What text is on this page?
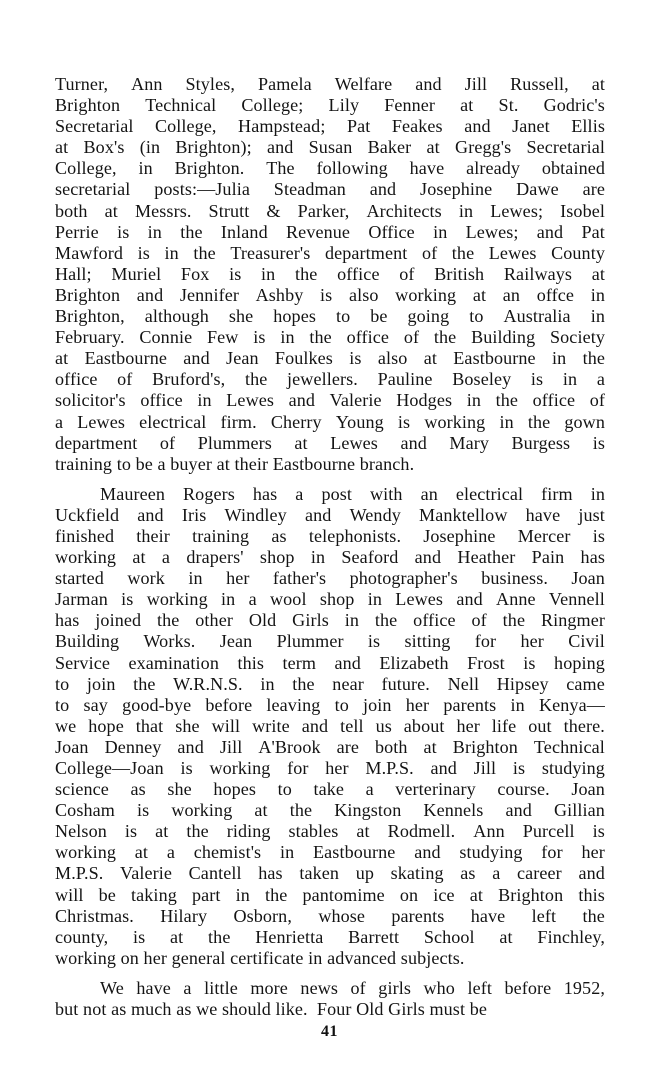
Turner, Ann Styles, Pamela Welfare and Jill Russell, at
Brighton Technical College; Lily Fenner at St. Godric's
Secretarial College, Hampstead; Pat Feakes and Janet Ellis
at Box's (in Brighton); and Susan Baker at Gregg's Secretarial
College, in Brighton. The following have already obtained
secretarial posts:—Julia Steadman and Josephine Dawe are
both at Messrs. Strutt & Parker, Architects in Lewes; Isobel
Perrie is in the Inland Revenue Office in Lewes; and Pat
Mawford is in the Treasurer's department of the Lewes County
Hall; Muriel Fox is in the office of British Railways at
Brighton and Jennifer Ashby is also working at an offce in
Brighton, although she hopes to be going to Australia in
February. Connie Few is in the office of the Building Society
at Eastbourne and Jean Foulkes is also at Eastbourne in the
office of Bruford's, the jewellers. Pauline Boseley is in a
solicitor's office in Lewes and Valerie Hodges in the office of
a Lewes electrical firm. Cherry Young is working in the gown
department of Plummers at Lewes and Mary Burgess is
training to be a buyer at their Eastbourne branch.
Maureen Rogers has a post with an electrical firm in
Uckfield and Iris Windley and Wendy Manktellow have just
finished their training as telephonists. Josephine Mercer is
working at a drapers' shop in Seaford and Heather Pain has
started work in her father's photographer's business. Joan
Jarman is working in a wool shop in Lewes and Anne Vennell
has joined the other Old Girls in the office of the Ringmer
Building Works. Jean Plummer is sitting for her Civil
Service examination this term and Elizabeth Frost is hoping
to join the W.R.N.S. in the near future. Nell Hipsey came
to say good-bye before leaving to join her parents in Kenya—
we hope that she will write and tell us about her life out there.
Joan Denney and Jill A'Brook are both at Brighton Technical
College—Joan is working for her M.P.S. and Jill is studying
science as she hopes to take a verterinary course. Joan
Cosham is working at the Kingston Kennels and Gillian
Nelson is at the riding stables at Rodmell. Ann Purcell is
working at a chemist's in Eastbourne and studying for her
M.P.S. Valerie Cantell has taken up skating as a career and
will be taking part in the pantomime on ice at Brighton this
Christmas. Hilary Osborn, whose parents have left the
county, is at the Henrietta Barrett School at Finchley,
working on her general certificate in advanced subjects.
We have a little more news of girls who left before 1952,
but not as much as we should like.  Four Old Girls must be
41
